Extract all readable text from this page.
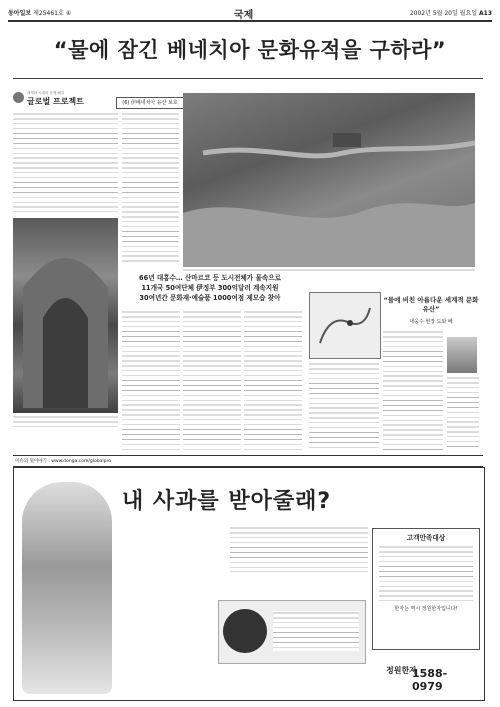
동아일보 제25461호 ④	국제	2002년 5월 20일 월요일 A13
“물에 잠긴 베네치아 문화유적을 구하라”
세계화 시대의 문제 해결
글로벌 프로젝트	(6) 伊베네치아 유산 보호
66년 대홍수… 산마르코 등 도시전체가 물속으로
11개국 50여단체 伊정부 300억달러 계속지원
30여년간 문화재·예술품 1000여점 제모습 찾아	“물에 비친 아름다운 세계적 문화유산”
대웅수 현장 도와 베
이슈의 뒷이야기 : www.donga.com/globalpro
내 사과를 받아줄래?
고객만족대상
한자는 역시 정원한자입니다!
정원한자
1588-0979
